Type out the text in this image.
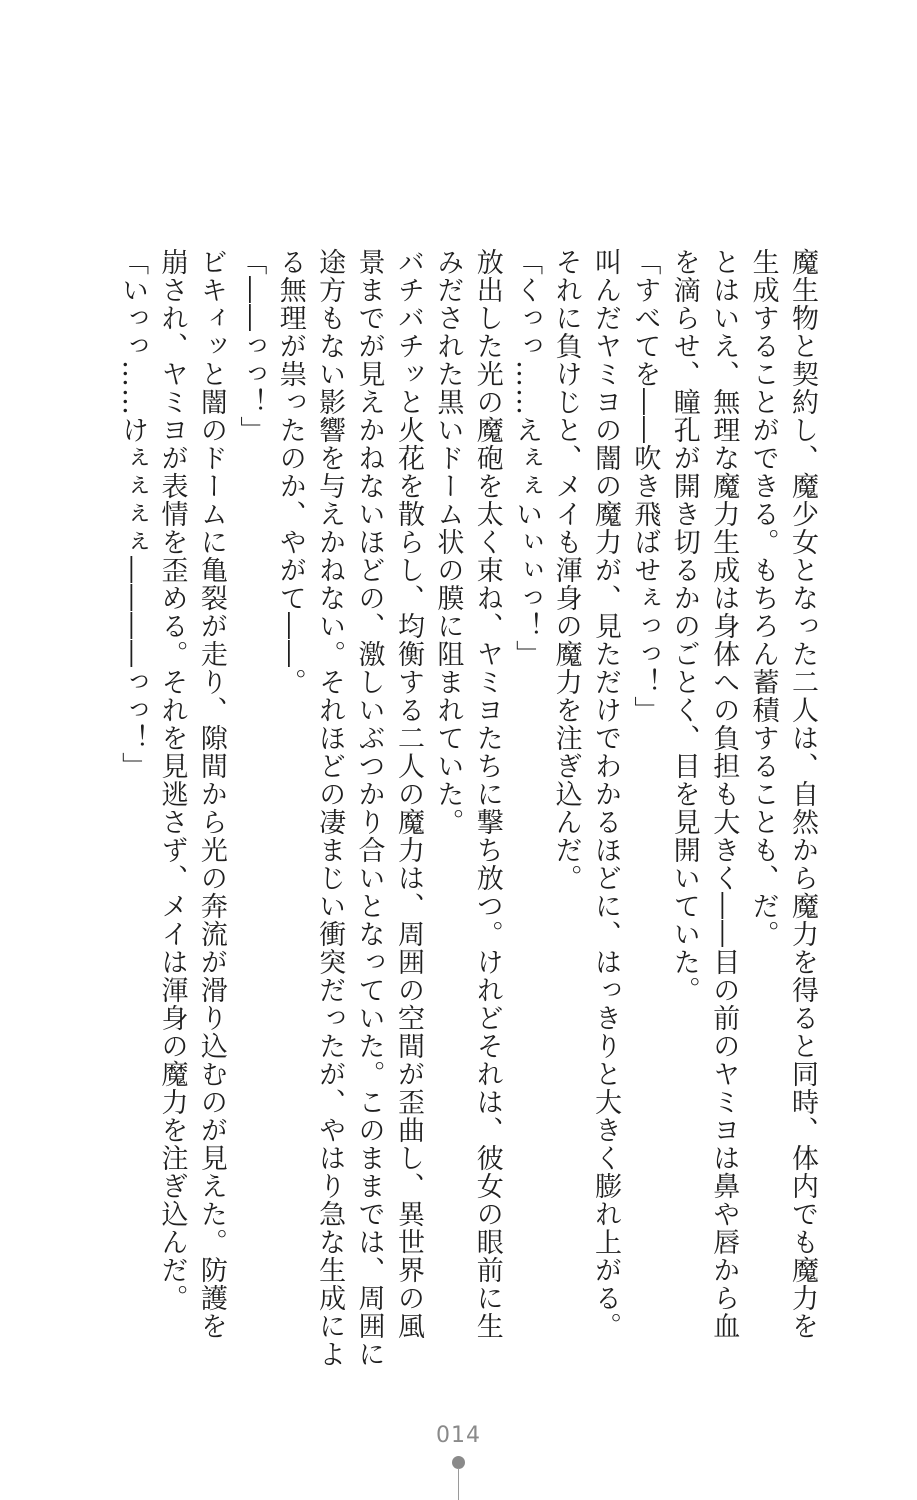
魔生物と契約し、魔少女となった二人は、自然から魔力を得ると同時、体内でも魔力を
生成することができる。もちろん蓄積することも、だ。
とはいえ、無理な魔力生成は身体への負担も大きく――目の前のヤミヨは鼻や唇から血
を滴らせ、瞳孔が開き切るかのごとく、目を見開いていた。
「すべてを――吹き飛ばせぇっっ！」
叫んだヤミヨの闇の魔力が、見ただけでわかるほどに、はっきりと大きく膨れ上がる。
それに負けじと、メイも渾身の魔力を注ぎ込んだ。
「くっっ……えぇぇいぃぃっ！」
放出した光の魔砲を太く束ね、ヤミヨたちに撃ち放つ。けれどそれは、彼女の眼前に生
みだされた黒いドーム状の膜に阻まれていた。
バチバチッと火花を散らし、均衡する二人の魔力は、周囲の空間が歪曲し、異世界の風
景までが見えかねないほどの、激しいぶつかり合いとなっていた。このままでは、周囲に
途方もない影響を与えかねない。それほどの凄まじい衝突だったが、やはり急な生成によ
る無理が祟ったのか、やがて――。
「――っっ！」
ビキィッと闇のドームに亀裂が走り、隙間から光の奔流が滑り込むのが見えた。防護を
崩され、ヤミヨが表情を歪める。それを見逃さず、メイは渾身の魔力を注ぎ込んだ。
「いっっ……けぇぇぇぇ――――っっ！」
014
